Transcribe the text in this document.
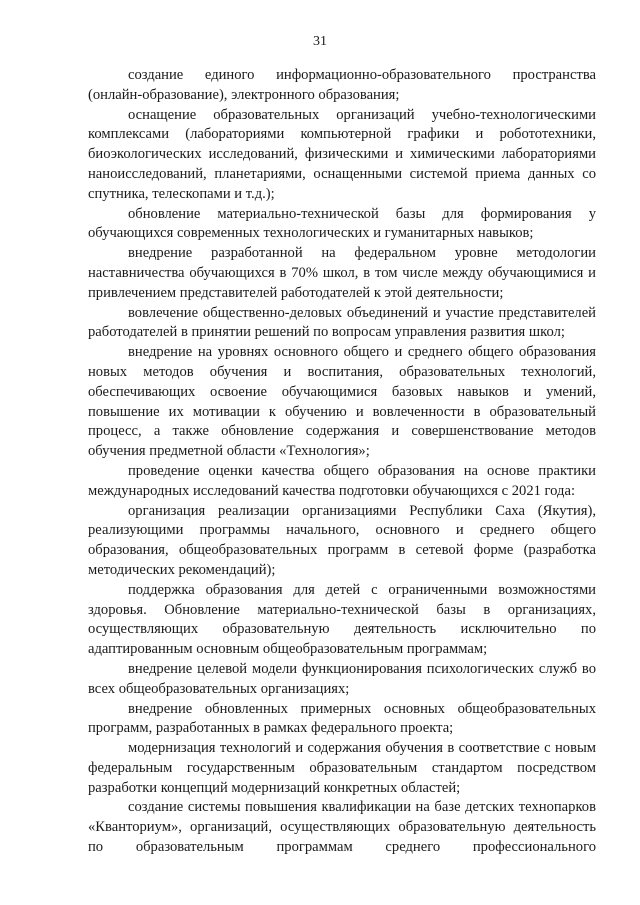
31

создание единого информационно-образовательного пространства (онлайн-образование), электронного образования;

оснащение образовательных организаций учебно-технологическими комплексами (лабораториями компьютерной графики и робототехники, биоэкологических исследований, физическими и химическими лабораториями наноисследований, планетариями, оснащенными системой приема данных со спутника, телескопами и т.д.);

обновление материально-технической базы для формирования у обучающихся современных технологических и гуманитарных навыков;

внедрение разработанной на федеральном уровне методологии наставничества обучающихся в 70% школ, в том числе между обучающимися и привлечением представителей работодателей к этой деятельности;

вовлечение общественно-деловых объединений и участие представителей работодателей в принятии решений по вопросам управления развития школ;

внедрение на уровнях основного общего и среднего общего образования новых методов обучения и воспитания, образовательных технологий, обеспечивающих освоение обучающимися базовых навыков и умений, повышение их мотивации к обучению и вовлеченности в образовательный процесс, а также обновление содержания и совершенствование методов обучения предметной области «Технология»;

проведение оценки качества общего образования на основе практики международных исследований качества подготовки обучающихся с 2021 года:

организация реализации организациями Республики Саха (Якутия), реализующими программы начального, основного и среднего общего образования, общеобразовательных программ в сетевой форме (разработка методических рекомендаций);

поддержка образования для детей с ограниченными возможностями здоровья. Обновление материально-технической базы в организациях, осуществляющих образовательную деятельность исключительно по адаптированным основным общеобразовательным программам;

внедрение целевой модели функционирования психологических служб во всех общеобразовательных организациях;

внедрение обновленных примерных основных общеобразовательных программ, разработанных в рамках федерального проекта;

модернизация технологий и содержания обучения в соответствие с новым федеральным государственным образовательным стандартом посредством разработки концепций модернизаций конкретных областей;

создание системы повышения квалификации на базе детских технопарков «Кванториум», организаций, осуществляющих образовательную деятельность по образовательным программам среднего профессионального
